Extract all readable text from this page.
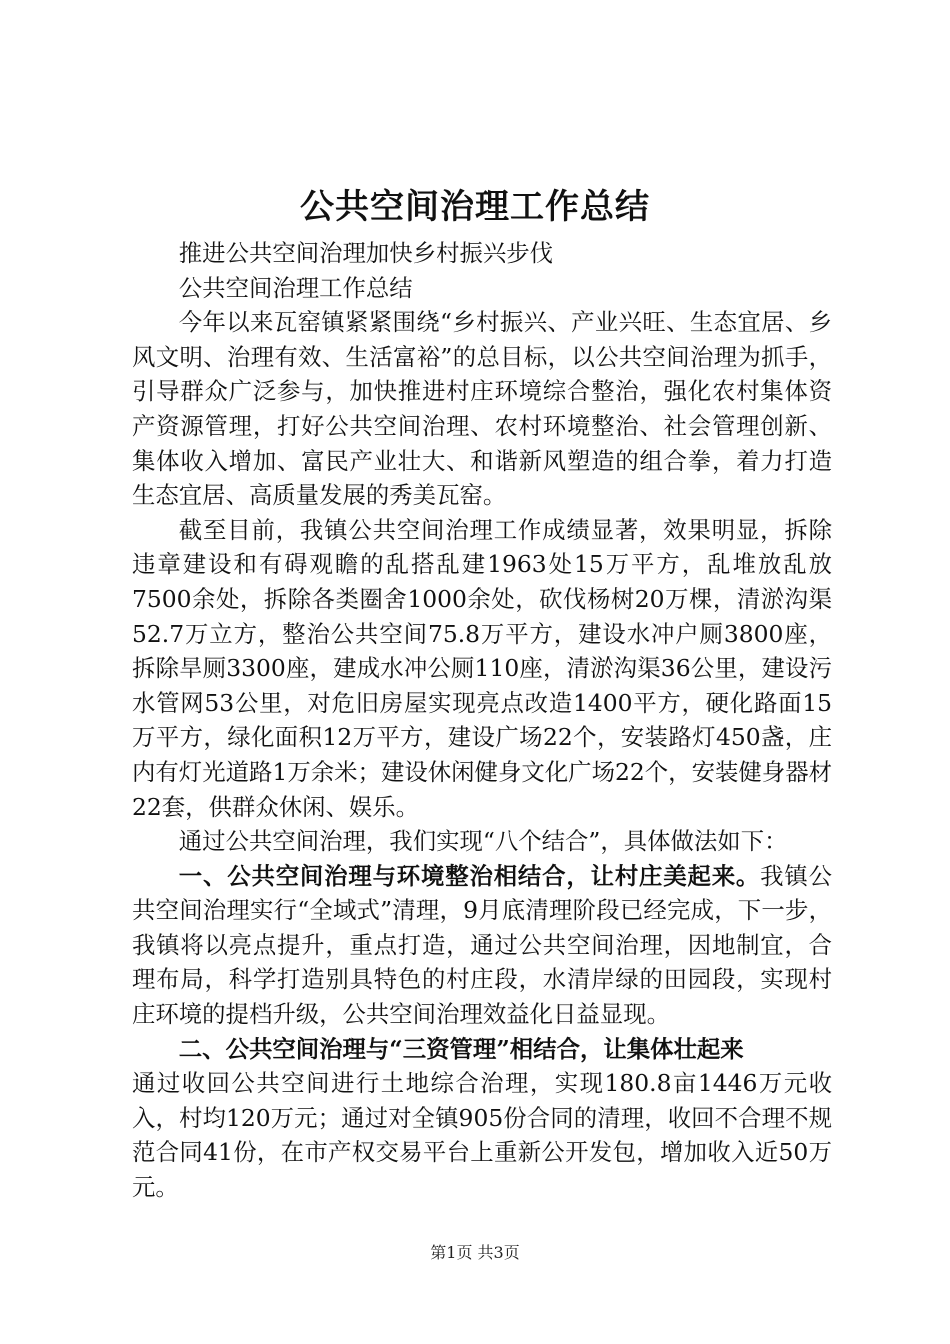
公共空间治理工作总结

推进公共空间治理加快乡村振兴步伐

公共空间治理工作总结

今年以来瓦窑镇紧紧围绕“乡村振兴、产业兴旺、生态宜居、乡风文明、治理有效、生活富裕”的总目标，以公共空间治理为抓手，引导群众广泛参与，加快推进村庄环境综合整治，强化农村集体资产资源管理，打好公共空间治理、农村环境整治、社会管理创新、集体收入增加、富民产业壮大、和谐新风塑造的组合拳，着力打造生态宜居、高质量发展的秀美瓦窑。

截至目前，我镇公共空间治理工作成绩显著，效果明显，拆除违章建设和有碍观瞻的乱搭乱建1963处15万平方，乱堆放乱放7500余处，拆除各类圈舍1000余处，砍伐杨树20万棵，清淤沟渠52.7万立方，整治公共空间75.8万平方，建设水冲户厕3800座，拆除旱厕3300座，建成水冲公厕110座，清淤沟渠36公里，建设污水管网53公里，对危旧房屋实现亮点改造1400平方，硬化路面15万平方，绿化面积12万平方，建设广场22个，安装路灯450盏，庄内有灯光道路1万余米；建设休闲健身文化广场22个，安装健身器材22套，供群众休闲、娱乐。

通过公共空间治理，我们实现“八个结合”，具体做法如下：

一、公共空间治理与环境整治相结合，让村庄美起来。我镇公共空间治理实行“全域式”清理，9月底清理阶段已经完成，下一步，我镇将以亮点提升，重点打造，通过公共空间治理，因地制宜，合理布局，科学打造别具特色的村庄段，水清岸绿的田园段，实现村庄环境的提档升级，公共空间治理效益化日益显现。

二、公共空间治理与“三资管理”相结合，让集体壮起来

通过收回公共空间进行土地综合治理，实现180.8亩1446万元收入，村均120万元；通过对全镇905份合同的清理，收回不合理不规范合同41份，在市产权交易平台上重新公开发包，增加收入近50万元。

第1页 共3页
